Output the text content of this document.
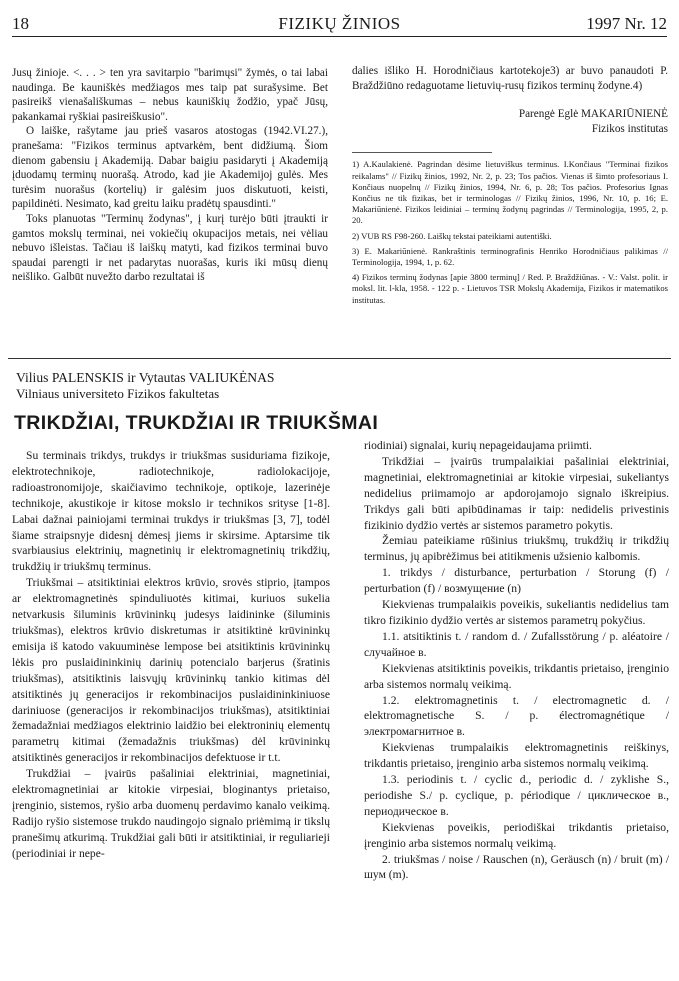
18	FIZIKŲ ŽINIOS	1997 Nr. 12

Jusų žinioje. <. . . > ten yra savitarpio "barimųsi" žymės, o tai labai naudinga. Be kauniškės medžiagos mes taip pat surašysime. Bet pasireikš vienašališkumas – nebus kauniškių žodžio, ypač Jūsų, pakankamai ryškiai pasireiškusio".

O laiške, rašytame jau prieš vasaros atostogas (1942.VI.27.), pranešama: "Fizikos terminus aptvarkėm, bent didžiumą. Šiom dienom gabensiu į Akademiją. Dabar baigiu pasidaryti į Akademiją įduodamų terminų nuorašą. Atrodo, kad jie Akademijoj gulės. Mes turėsim nuorašus (kortelių) ir galėsim juos diskutuoti, keisti, papildinėti. Nesimato, kad greitu laiku pradėtų spausdinti."

Toks planuotas "Terminų žodynas", į kurį turėjo būti įtraukti ir gamtos mokslų terminai, nei vokiečių okupacijos metais, nei vėliau nebuvo išleistas. Tačiau iš laiškų matyti, kad fizikos terminai buvo spaudai parengti ir net padarytas nuorašas, kuris iki mūsų dienų neišliko. Galbūt nuvežto darbo rezultatai iš

dalies išliko H. Horodničiaus kartotekoje3) ar buvo panaudoti P. Braždžiūno redaguotame lietuvių-rusų fizikos terminų žodyne.4)

Parengė Eglė MAKARIŪNIENĖ
Fizikos institutas

1) A.Kaulakienė. Pagrindan dėsime lietuviškus terminus. I.Končiaus "Terminai fizikos reikalams" // Fizikų žinios, 1992, Nr. 2, p. 23; Tos pačios. Vienas iš šimto profesoriaus I. Končiaus nuopelnų // Fizikų žinios, 1994, Nr. 6, p. 28; Tos pačios. Profesorius Ignas Končius ne tik fizikas, bet ir terminologas // Fizikų žinios, 1996, Nr. 10, p. 16; E. Makariūnienė. Fizikos leidiniai – terminų žodynų pagrindas // Terminologija, 1995, 2, p. 20.

2) VUB RS F98-260. Laiškų tekstai pateikiami autentiški.

3) E. Makariūnienė. Rankraštinis terminografinis Henriko Horodničiaus palikimas // Terminologija, 1994, 1, p. 62.

4) Fizikos terminų žodynas [apie 3800 terminų] / Red. P. Braždžiūnas. - V.: Valst. polit. ir moksl. lit. l-kla, 1958. - 122 p. - Lietuvos TSR Mokslų Akademija, Fizikos ir matematikos institutas.

Vilius PALENSKIS ir Vytautas VALIUKĖNAS
Vilniaus universiteto Fizikos fakultetas
TRIKDŽIAI, TRUKDŽIAI IR TRIUKŠMAI

Su terminais trikdys, trukdys ir triukšmas susiduriama fizikoje, elektrotechnikoje, radiotechnikoje, radiolokacijoje, radioastronomijoje, skaičiavimo technikoje, optikoje, lazerinėje technikoje, akustikoje ir kitose mokslo ir technikos srityse [1-8]. Labai dažnai painiojami terminai trukdys ir triukšmas [3, 7], todėl šiame straipsnyje didesnį dėmesį jiems ir skirsime. Aptarsime tik svarbiausius elektrinių, magnetinių ir elektromagnetinių trikdžių, trukdžių ir triukšmų terminus.

Triukšmai – atsitiktiniai elektros krūvio, srovės stiprio, įtampos ar elektromagnetinės spinduliuotės kitimai, kuriuos sukelia netvarkusis šiluminis krūvininkų judesys laidininke (šiluminis triukšmas), elektros krūvio diskretumas ir atsitiktinė krūvininkų emisija iš katodo vakuuminėse lempose bei atsitiktinis krūvininkų lėkis pro puslaidininkinių darinių potencialo barjerus (šratinis triukšmas), atsitiktinis laisvųjų krūvininkų tankio kitimas dėl atsitiktinės jų generacijos ir rekombinacijos puslaidininkiniuose dariniuose (generacijos ir rekombinacijos triukšmas), atsitiktiniai žemadažniai medžiagos elektrinio laidžio bei elektroninių elementų parametrų kitimai (žemadažnis triukšmas) dėl krūvininkų atsitiktinės generacijos ir rekombinacijos defektuose ir t.t.

Trukdžiai – įvairūs pašaliniai elektriniai, magnetiniai, elektromagnetiniai ar kitokie virpesiai, bloginantys prietaiso, įrenginio, sistemos, ryšio arba duomenų perdavimo kanalo veikimą. Radijo ryšio sistemose trukdo naudingojo signalo priėmimą ir tikslų pranešimų atkurimą. Trukdžiai gali būti ir atsitiktiniai, ir reguliarieji (periodiniai ir nepe-

riodiniai) signalai, kurių nepageidaujama priimti.

Trikdžiai – įvairūs trumpalaikiai pašaliniai elektriniai, magnetiniai, elektromagnetiniai ar kitokie virpesiai, sukeliantys nedidelius priimamojo ar apdorojamojo signalo iškreipius. Trikdys gali būti apibūdinamas ir taip: nedidelis privestinis fizikinio dydžio vertės ar sistemos parametro pokytis.

Žemiau pateikiame rūšinius triukšmų, trukdžių ir trikdžių terminus, jų apibrėžimus bei atitikmenis užsienio kalbomis.

1. trikdys / disturbance, perturbation / Storung (f) / perturbation (f) / возмущение (n)

Kiekvienas trumpalaikis poveikis, sukeliantis nedidelius tam tikro fizikinio dydžio vertės ar sistemos parametrų pokyčius.

1.1. atsitiktinis t. / random d. / Zufallsstörung / p. aléatoire / случайное в.

Kiekvienas atsitiktinis poveikis, trikdantis prietaiso, įrenginio arba sistemos normalų veikimą.

1.2. elektromagnetinis t. / electromagnetic d. / elektromagnetische S. / p. électromagnétique / электромагнитное в.

Kiekvienas trumpalaikis elektromagnetinis reiškinys, trikdantis prietaiso, įrenginio arba sistemos normalų veikimą.

1.3. periodinis t. / cyclic d., periodic d. / zyklishe S., periodishe S./ p. cyclique, p. périodique / циклическое в., периодическое в.

Kiekvienas poveikis, periodiškai trikdantis prietaiso, įrenginio arba sistemos normalų veikimą.

2. triukšmas / noise / Rauschen (n), Geräusch (n) / bruit (m) / шум (m).
